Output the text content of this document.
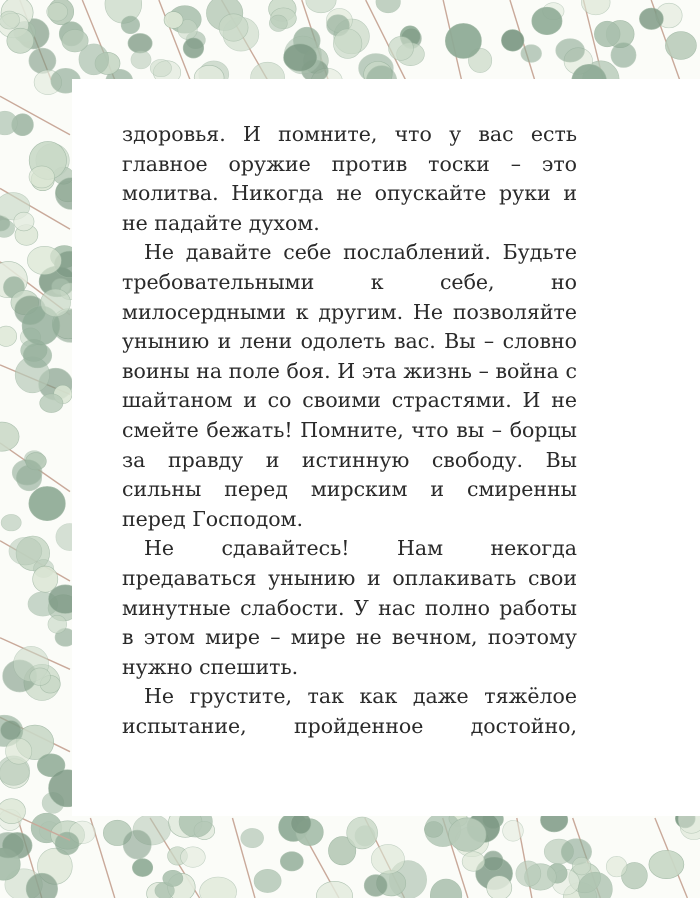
здоровья. И помните, что у вас есть главное оружие против тоски – это молитва. Никогда не опускайте руки и не падайте духом.

Не давайте себе послаблений. Будьте требовательными к себе, но милосердными к другим. Не позволяйте унынию и лени одолеть вас. Вы – словно воины на поле боя. И эта жизнь – война с шайтаном и со своими страстями. И не смейте бежать! Помните, что вы – борцы за правду и истинную свободу. Вы сильны перед мирским и смиренны перед Господом.

Не сдавайтесь! Нам некогда предаваться унынию и оплакивать свои минутные слабости. У нас полно работы в этом мире – мире не вечном, поэтому нужно спешить.

Не грустите, так как даже тяжёлое испытание, пройденное достойно,
